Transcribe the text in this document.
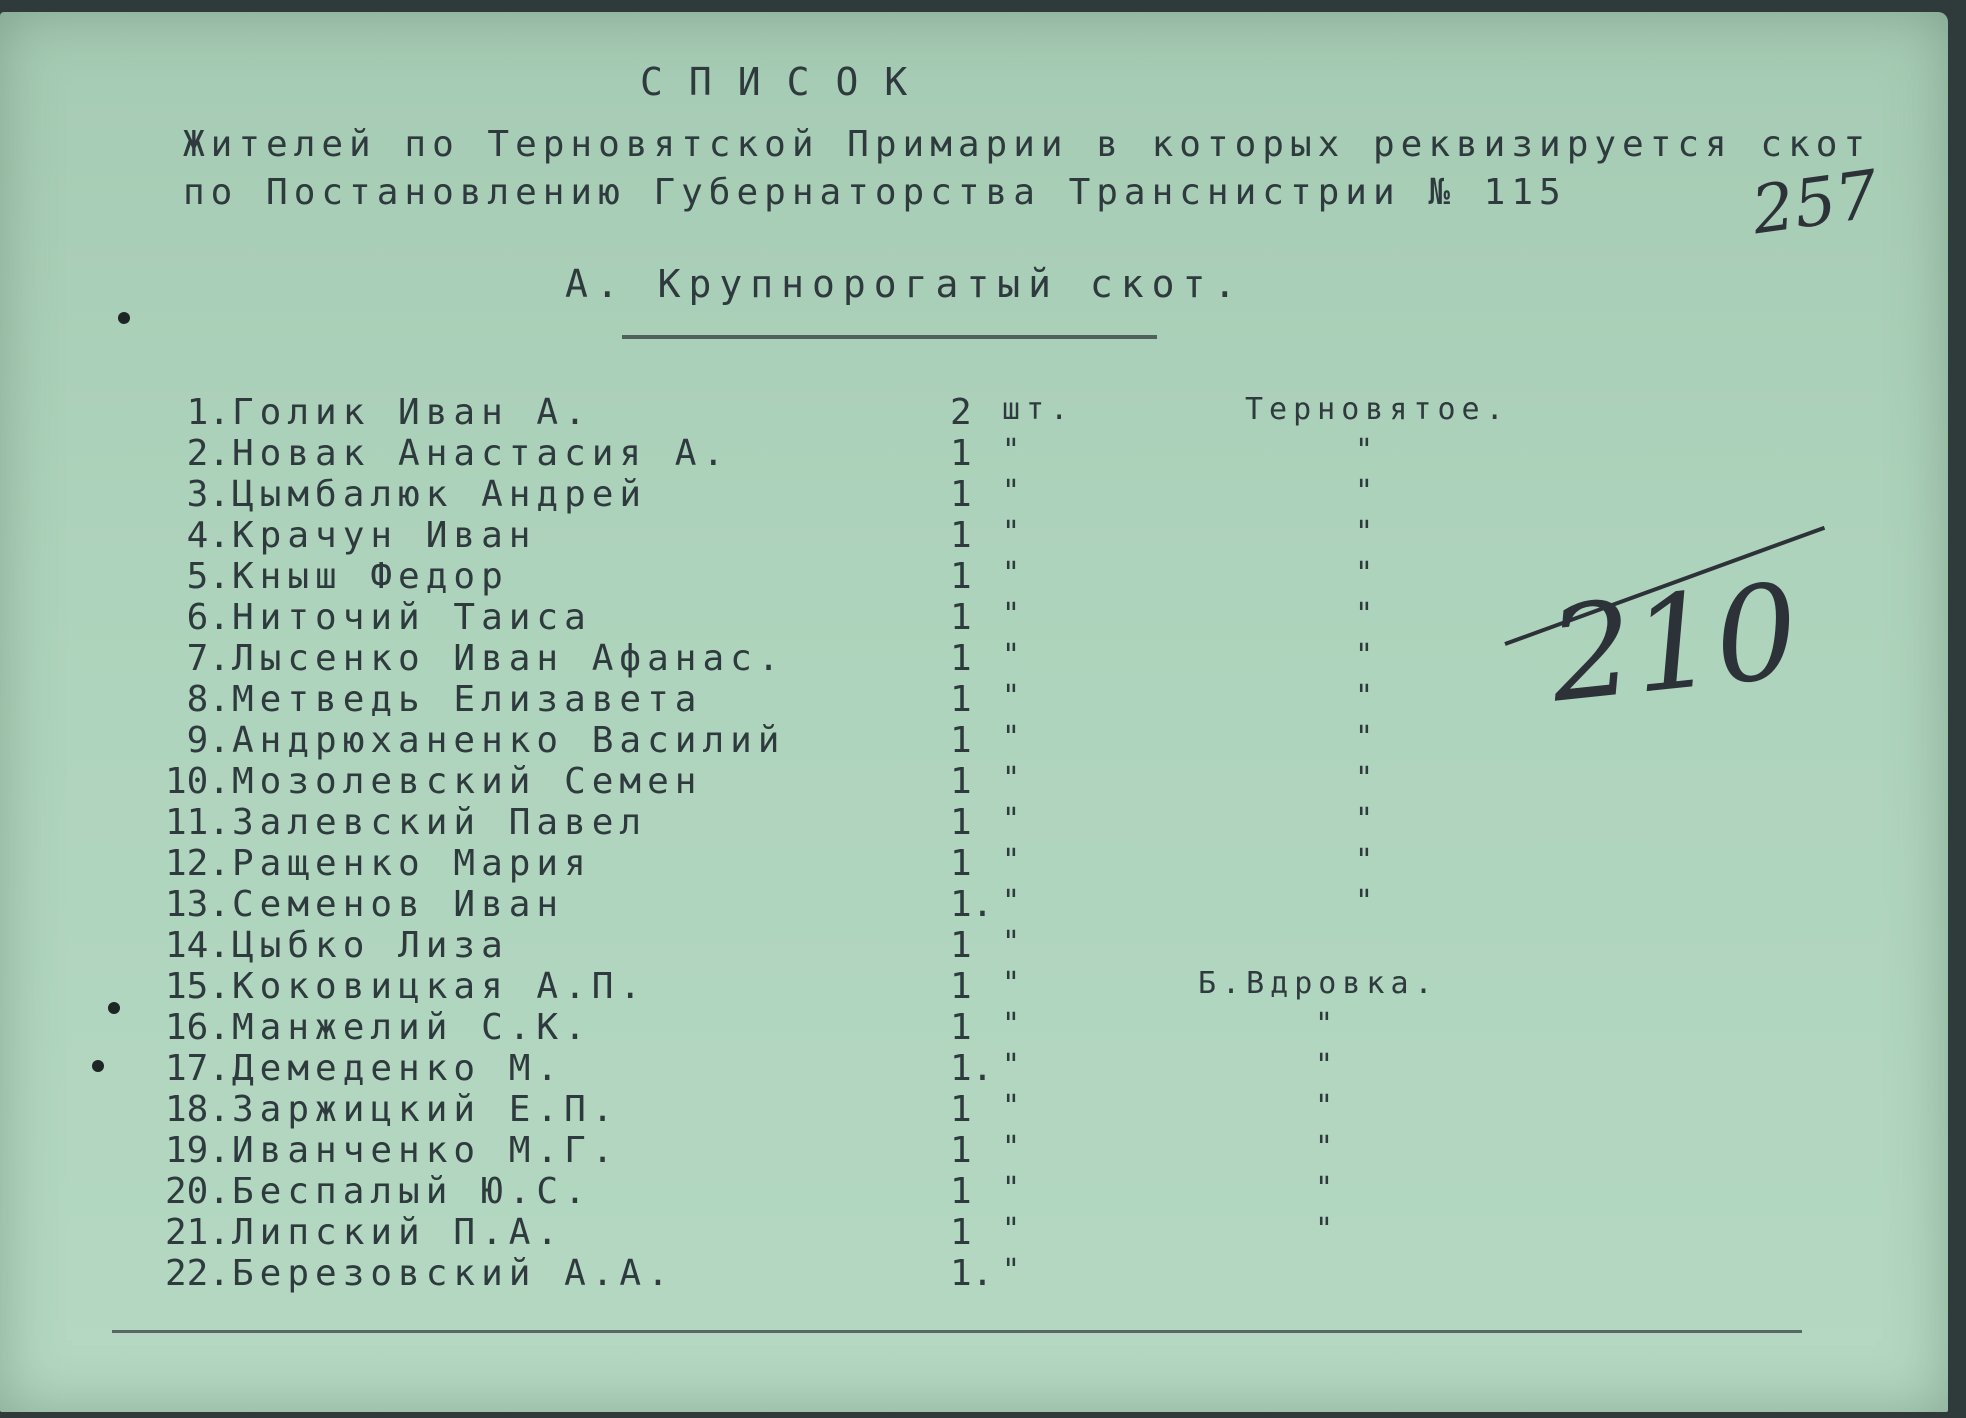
СПИСОК
Жителей по Терновятской Примарии в которых реквизируется скот
по Постановлению Губернаторства Транснистрии № 115	257
А. Крупнорогатый скот.
1. Голик Иван А.	2 шт.	Терновятое.
2. Новак Анастасия А.	1 "	"
3. Цымбалюк Андрей	1 "	"
4. Крачун Иван	1 "	"
5. Кныш Федор	1 "	"
6. Ниточий Таиса	1 "	"
7. Лысенко Иван Афанас.	1 "	"
8. Метведь Елизавета	1 "	"
9. Андрюханенко Василий	1 "	"
10. Мозолевский Семен	1 "	"
11. Залевский Павел	1 "	"
12. Ращенко Мария	1 "	"
13. Семенов Иван	1. "	"
14. Цыбко Лиза	1 "
15. Коковицкая А.П.	1 "	Б.Вдровка.
16. Манжелий С.К.	1 "	"
17. Демеденко М.	1. "	"
18. Заржицкий Е.П.	1 "	"
19. Иванченко М.Г.	1 "	"
20. Беспалый Ю.С.	1 "	"
21. Липский П.А.	1 "	"
22. Березовский А.А.	1. "
210
